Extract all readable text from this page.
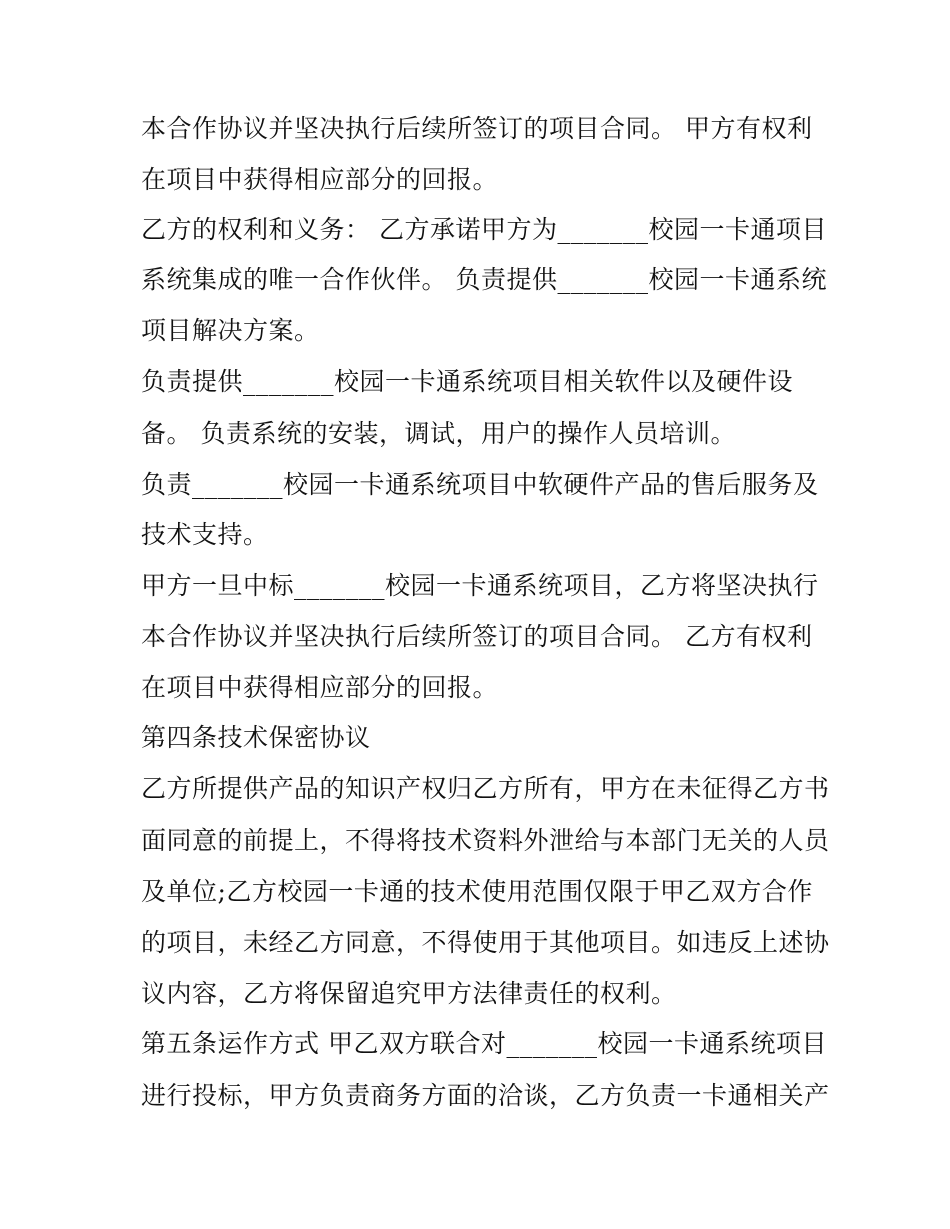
本合作协议并坚决执行后续所签订的项目合同。 甲方有权利
在项目中获得相应部分的回报。
乙方的权利和义务： 乙方承诺甲方为_______校园一卡通项目
系统集成的唯一合作伙伴。 负责提供_______校园一卡通系统
项目解决方案。
负责提供_______校园一卡通系统项目相关软件以及硬件设
备。 负责系统的安装，调试，用户的操作人员培训。
负责_______校园一卡通系统项目中软硬件产品的售后服务及
技术支持。
甲方一旦中标_______校园一卡通系统项目，乙方将坚决执行
本合作协议并坚决执行后续所签订的项目合同。 乙方有权利
在项目中获得相应部分的回报。
第四条技术保密协议
乙方所提供产品的知识产权归乙方所有，甲方在未征得乙方书
面同意的前提上，不得将技术资料外泄给与本部门无关的人员
及单位;乙方校园一卡通的技术使用范围仅限于甲乙双方合作
的项目，未经乙方同意，不得使用于其他项目。如违反上述协
议内容，乙方将保留追究甲方法律责任的权利。
第五条运作方式 甲乙双方联合对_______校园一卡通系统项目
进行投标，甲方负责商务方面的洽谈，乙方负责一卡通相关产
